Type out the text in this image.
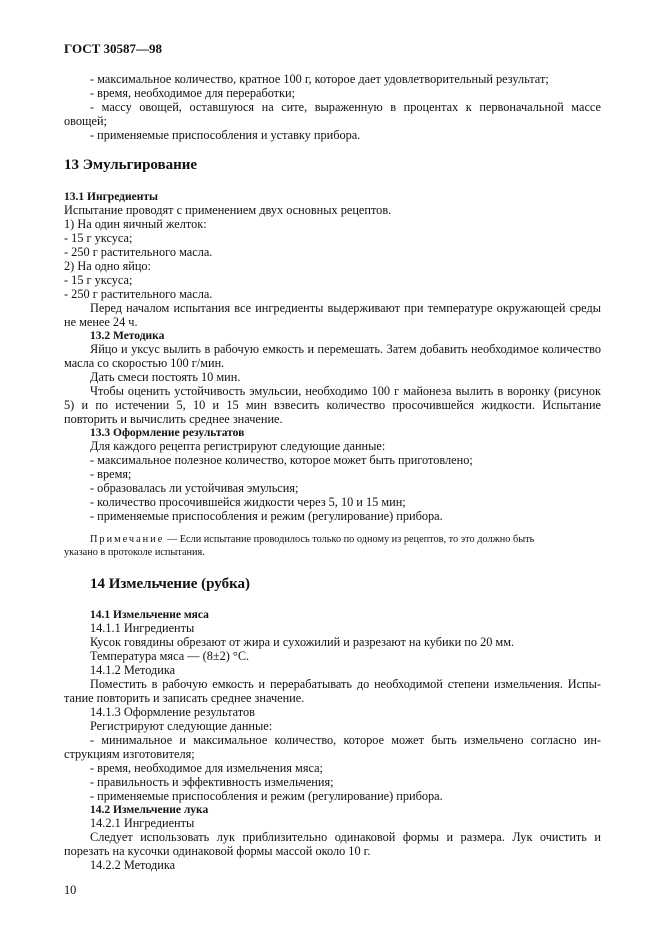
ГОСТ 30587—98
- максимальное количество, кратное 100 г, которое дает удовлетворительный результат;
- время, необходимое для переработки;
- массу овощей, оставшуюся на сите, выраженную в процентах к первоначальной массе
овощей;
- применяемые приспособления и уставку прибора.
13 Эмульгирование
13.1 Ингредиенты
Испытание проводят с применением двух основных рецептов.
1) На один яичный желток:
- 15 г уксуса;
- 250 г растительного масла.
2) На одно яйцо:
- 15 г уксуса;
- 250 г растительного масла.
Перед началом испытания все ингредиенты выдерживают при температуре окружающей среды
не менее 24 ч.
13.2 Методика
Яйцо и уксус вылить в рабочую емкость и перемешать. Затем добавить необходимое количество
масла со скоростью 100 г/мин.
Дать смеси постоять 10 мин.
Чтобы оценить устойчивость эмульсии, необходимо 100 г майонеза вылить в воронку (рисунок
5) и по истечении 5, 10 и 15 мин взвесить количество просочившейся жидкости. Испытание
повторить и вычислить среднее значение.
13.3 Оформление результатов
Для каждого рецепта регистрируют следующие данные:
- максимальное полезное количество, которое может быть приготовлено;
- время;
- образовалась ли устойчивая эмульсия;
- количество просочившейся жидкости через 5, 10 и 15 мин;
- применяемые приспособления и режим (регулирование) прибора.
Примечание — Если испытание проводилось только по одному из рецептов, то это должно быть
указано в протоколе испытания.
14 Измельчение (рубка)
14.1 Измельчение мяса
14.1.1 Ингредиенты
Кусок говядины обрезают от жира и сухожилий и разрезают на кубики по 20 мм.
Температура мяса — (8±2) °С.
14.1.2 Методика
Поместить в рабочую емкость и перерабатывать до необходимой степени измельчения. Испы-
тание повторить и записать среднее значение.
14.1.3 Оформление результатов
Регистрируют следующие данные:
- минимальное и максимальное количество, которое может быть измельчено согласно ин-
струкциям изготовителя;
- время, необходимое для измельчения мяса;
- правильность и эффективность измельчения;
- применяемые приспособления и режим (регулирование) прибора.
14.2 Измельчение лука
14.2.1 Ингредиенты
Следует использовать лук приблизительно одинаковой формы и размера. Лук очистить и
порезать на кусочки одинаковой формы массой около 10 г.
14.2.2 Методика
10
